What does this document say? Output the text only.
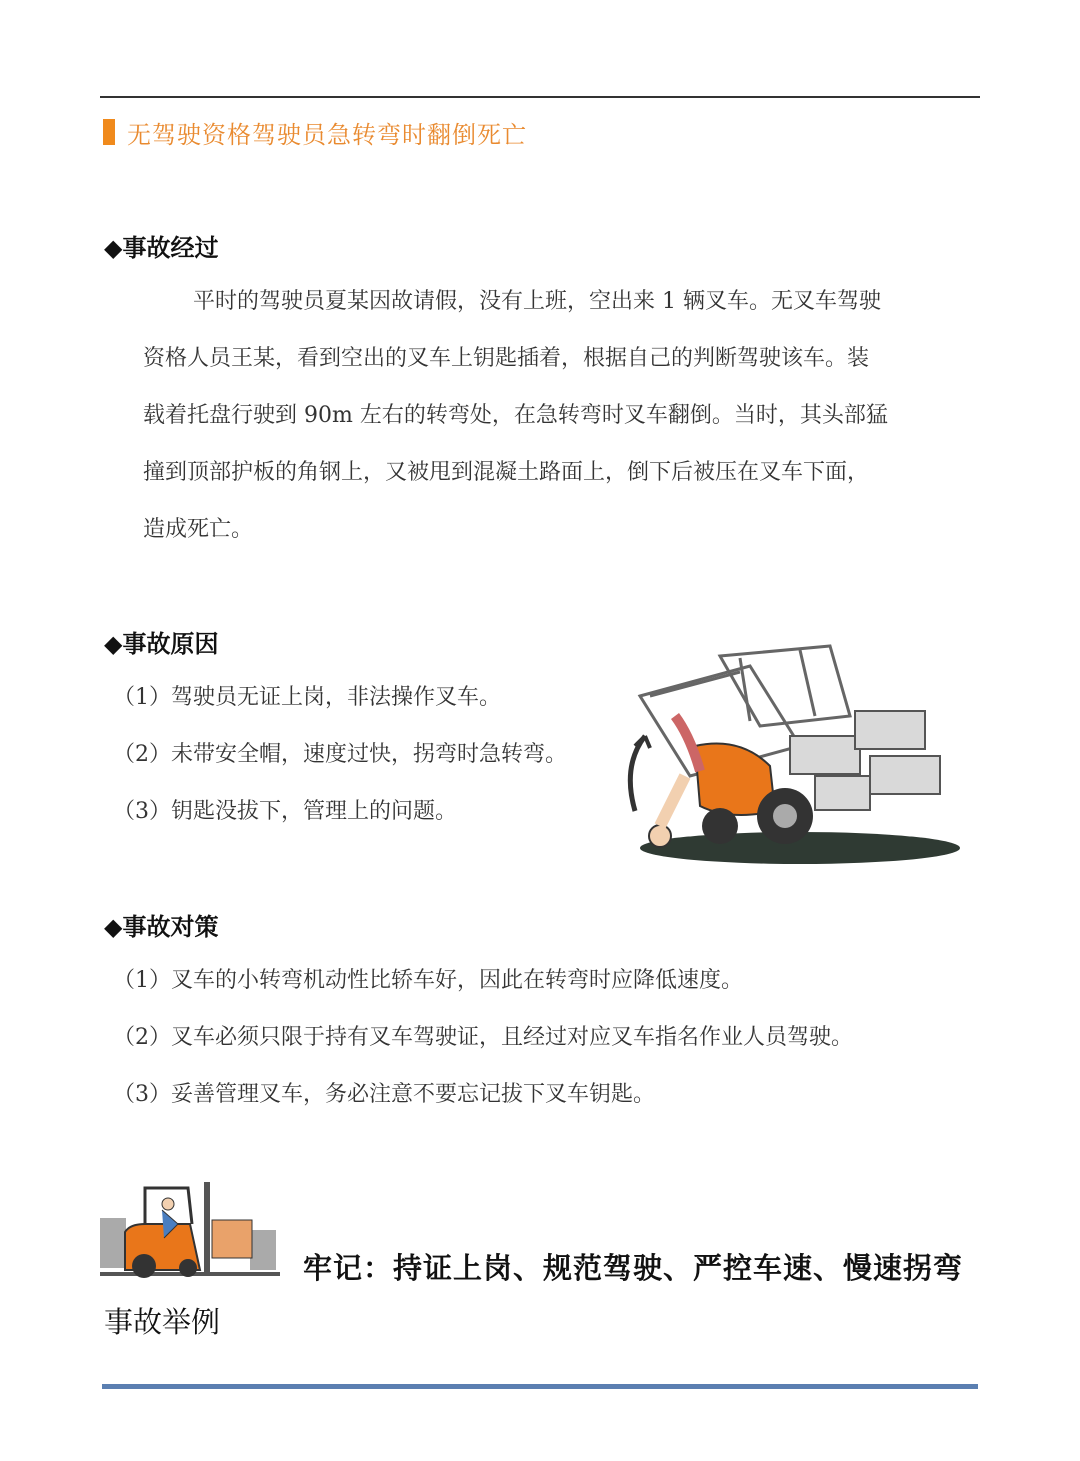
无驾驶资格驾驶员急转弯时翻倒死亡
◆事故经过
平时的驾驶员夏某因故请假，没有上班，空出来 1 辆叉车。无叉车驾驶
资格人员王某，看到空出的叉车上钥匙插着，根据自己的判断驾驶该车。装
载着托盘行驶到 90m 左右的转弯处，在急转弯时叉车翻倒。当时，其头部猛
撞到顶部护板的角钢上，又被甩到混凝土路面上，倒下后被压在叉车下面，
造成死亡。
◆事故原因
（1）驾驶员无证上岗，非法操作叉车。
（2）未带安全帽，速度过快，拐弯时急转弯。
（3）钥匙没拔下，管理上的问题。
◆事故对策
（1）叉车的小转弯机动性比轿车好，因此在转弯时应降低速度。
（2）叉车必须只限于持有叉车驾驶证，且经过对应叉车指名作业人员驾驶。
（3）妥善管理叉车，务必注意不要忘记拔下叉车钥匙。
牢记：持证上岗、规范驾驶、严控车速、慢速拐弯
事故举例
